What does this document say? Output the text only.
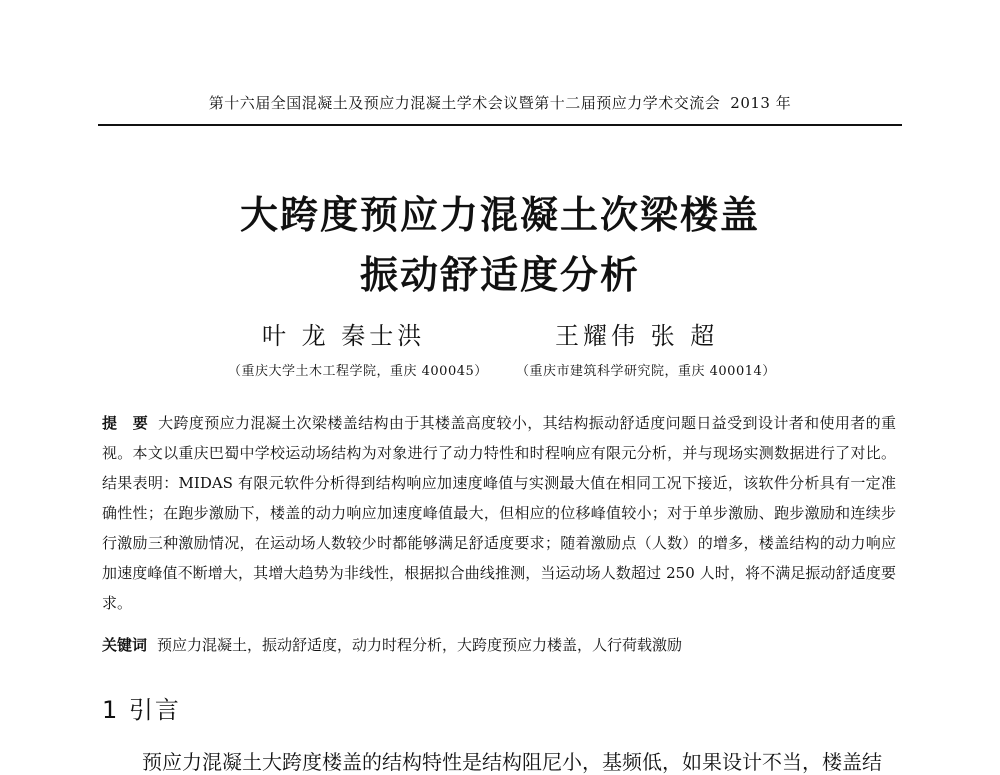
第十六届全国混凝土及预应力混凝土学术会议暨第十二届预应力学术交流会 2013 年
大跨度预应力混凝土次梁楼盖
振动舒适度分析
叶 龙 秦士洪	王耀伟 张 超
（重庆大学土木工程学院，重庆 400045） （重庆市建筑科学研究院，重庆 400014）
提　要 大跨度预应力混凝土次梁楼盖结构由于其楼盖高度较小，其结构振动舒适度问题日益受到设计者和使用者的重视。本文以重庆巴蜀中学校运动场结构为对象进行了动力特性和时程响应有限元分析，并与现场实测数据进行了对比。结果表明：MIDAS 有限元软件分析得到结构响应加速度峰值与实测最大值在相同工况下接近，该软件分析具有一定准确性性；在跑步激励下，楼盖的动力响应加速度峰值最大，但相应的位移峰值较小；对于单步激励、跑步激励和连续步行激励三种激励情况，在运动场人数较少时都能够满足舒适度要求；随着激励点（人数）的增多，楼盖结构的动力响应加速度峰值不断增大，其增大趋势为非线性，根据拟合曲线推测，当运动场人数超过 250 人时，将不满足振动舒适度要求。
关键词 预应力混凝土，振动舒适度，动力时程分析，大跨度预应力楼盖，人行荷载激励
1 引言
预应力混凝土大跨度楼盖的结构特性是结构阻尼小，基频低，如果设计不当，楼盖结
